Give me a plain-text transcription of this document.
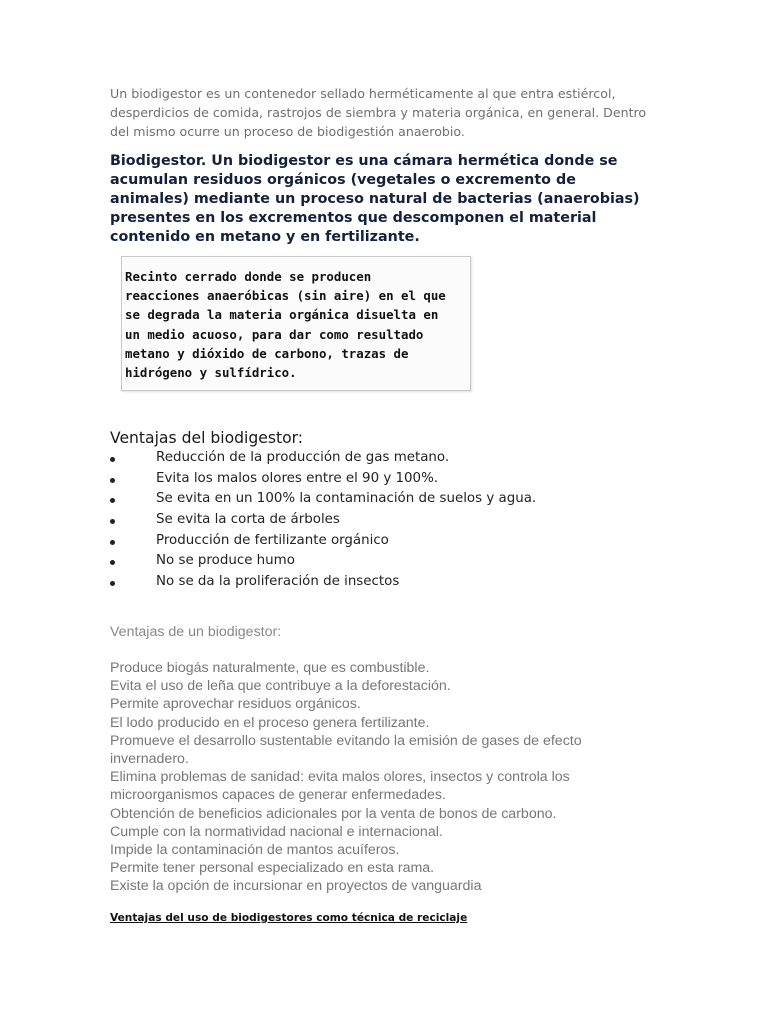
Un biodigestor es un contenedor sellado herméticamente al que entra estiércol, desperdicios de comida, rastrojos de siembra y materia orgánica, en general. Dentro del mismo ocurre un proceso de biodigestión anaerobio.

Biodigestor. Un biodigestor es una cámara hermética donde se acumulan residuos orgánicos (vegetales o excremento de animales) mediante un proceso natural de bacterias (anaerobias) presentes en los excrementos que descomponen el material contenido en metano y en fertilizante.

Recinto cerrado donde se producen

reacciones anaeróbicas (sin aire) en el que

se degrada la materia orgánica disuelta en

un medio acuoso, para dar como resultado

metano y dióxido de carbono, trazas de

hidrógeno y sulfídrico.

Ventajas del biodigestor:
Reducción de la producción de gas metano.
Evita los malos olores entre el 90 y 100%.
Se evita en un 100% la contaminación de suelos y agua.
Se evita la corta de árboles
Producción de fertilizante orgánico
No se produce humo
No se da la proliferación de insectos

Ventajas de un biodigestor:

Produce biogás naturalmente, que es combustible.

Evita el uso de leña que contribuye a la deforestación.

Permite aprovechar residuos orgánicos.

El lodo producido en el proceso genera fertilizante.

Promueve el desarrollo sustentable evitando la emisión de gases de efecto invernadero.

Elimina problemas de sanidad: evita malos olores, insectos y controla los microorganismos capaces de generar enfermedades.

Obtención de beneficios adicionales por la venta de bonos de carbono.

Cumple con la normatividad nacional e internacional.

Impide la contaminación de mantos acuíferos.

Permite tener personal especializado en esta rama.

Existe la opción de incursionar en proyectos de vanguardia

Ventajas del uso de biodigestores como técnica de reciclaje
